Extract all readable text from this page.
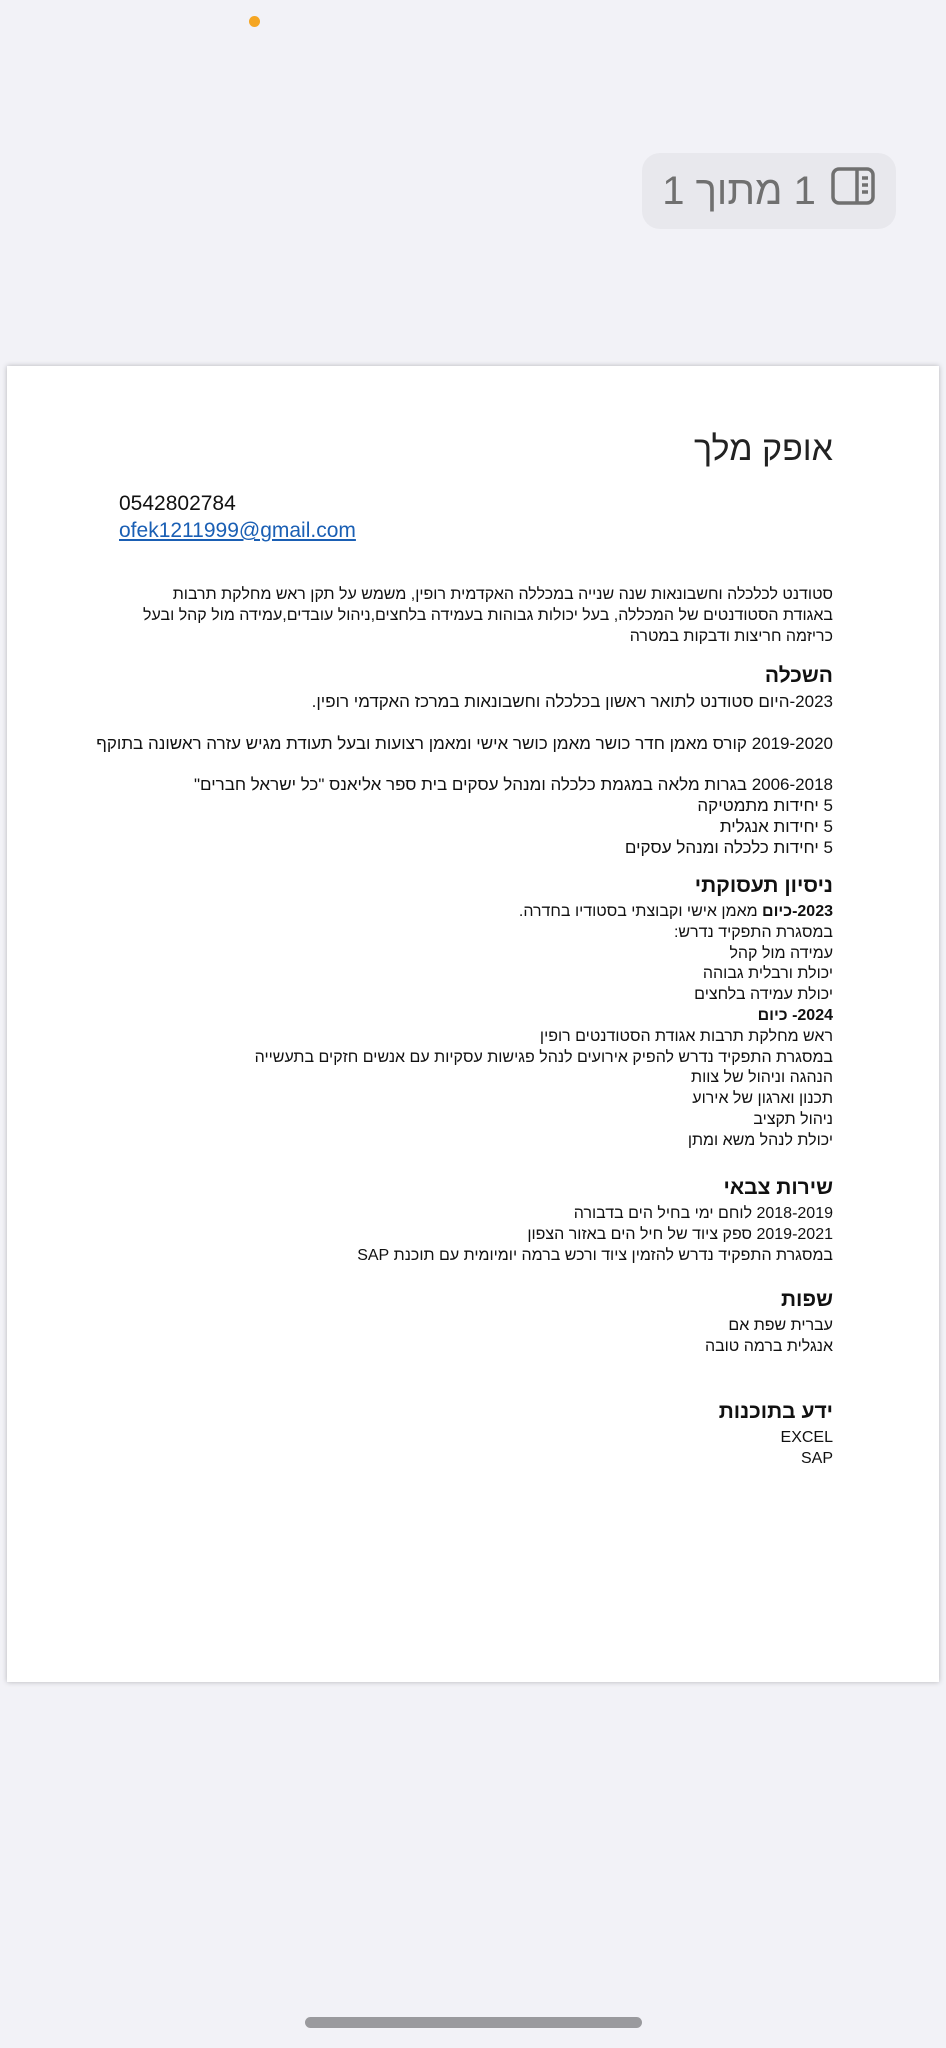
1 מתוך 1
אופק מלך
0542802784
ofek1211999@gmail.com
סטודנט לכלכלה וחשבונאות שנה שנייה במכללה האקדמית רופין, משמש על תקן ראש מחלקת תרבות באגודת הסטודנטים של המכללה, בעל יכולות גבוהות בעמידה בלחצים,ניהול עובדים,עמידה מול קהל ובעל כריזמה חריצות ודבקות במטרה
השכלה
2023-היום סטודנט לתואר ראשון בכלכלה וחשבונאות במרכז האקדמי רופין.
2019-2020 קורס מאמן חדר כושר מאמן כושר אישי ומאמן רצועות ובעל תעודת מגיש עזרה ראשונה בתוקף
2006-2018 בגרות מלאה במגמת כלכלה ומנהל עסקים בית ספר אליאנס "כל ישראל חברים"
5 יחידות מתמטיקה
5 יחידות אנגלית
5 יחידות כלכלה ומנהל עסקים
ניסיון תעסוקתי
2023-כיום מאמן אישי וקבוצתי בסטודיו בחדרה.
במסגרת התפקיד נדרש:
עמידה מול קהל
יכולת ורבלית גבוהה
יכולת עמידה בלחצים
2024- כיום
ראש מחלקת תרבות אגודת הסטודנטים רופין
במסגרת התפקיד נדרש להפיק אירועים לנהל פגישות עסקיות עם אנשים חזקים בתעשייה
הנהגה וניהול של צוות
תכנון וארגון של אירוע
ניהול תקציב
יכולת לנהל משא ומתן
שירות צבאי
2018-2019 לוחם ימי בחיל הים בדבורה
2019-2021 ספק ציוד של חיל הים באזור הצפון
במסגרת התפקיד נדרש להזמין ציוד ורכש ברמה יומיומית עם תוכנת SAP
שפות
עברית שפת אם
אנגלית ברמה טובה
ידע בתוכנות
EXCEL
SAP
